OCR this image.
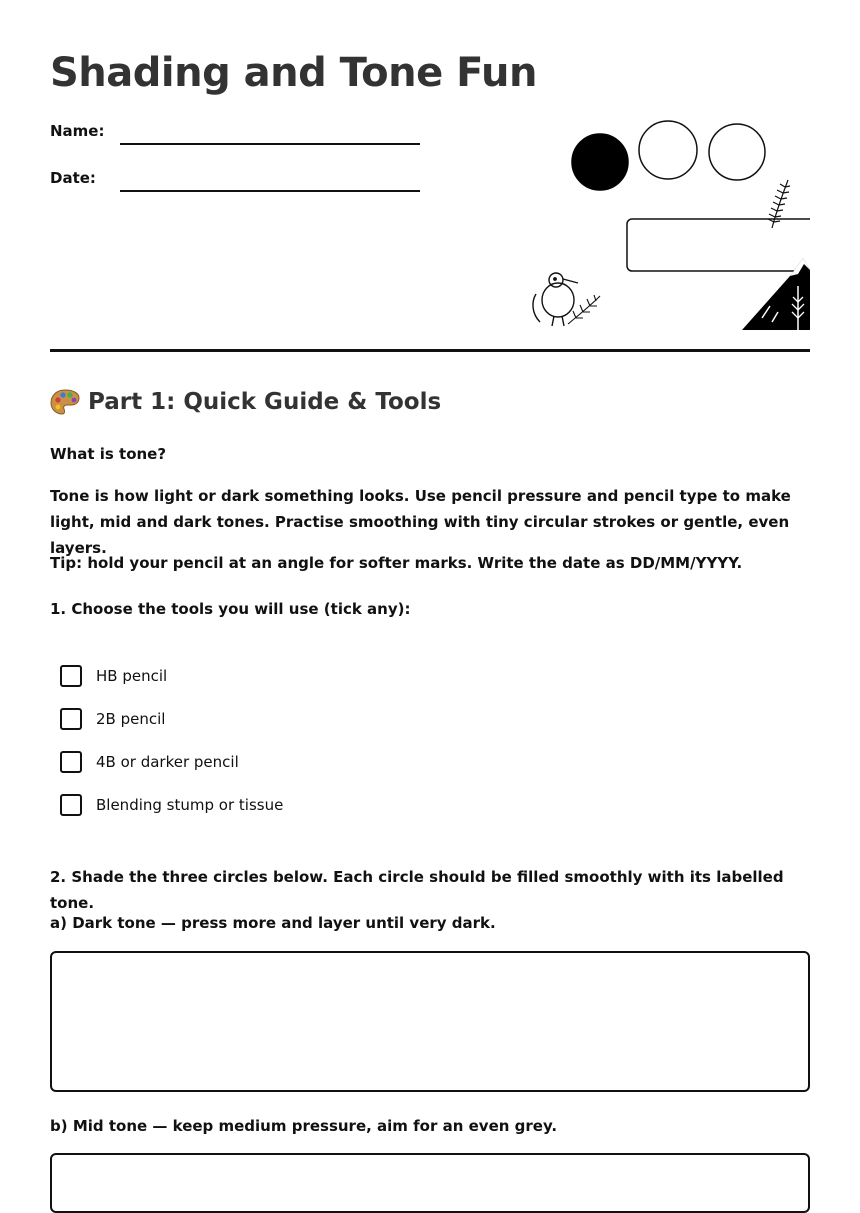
Shading and Tone Fun
Name:
Date:
Part 1: Quick Guide & Tools

What is tone?

Tone is how light or dark something looks. Use pencil pressure and pencil type to make light, mid and dark tones. Practise smoothing with tiny circular strokes or gentle, even layers.

Tip: hold your pencil at an angle for softer marks. Write the date as DD/MM/YYYY.

1. Choose the tools you will use (tick any):

HB pencil
2B pencil
4B or darker pencil
Blending stump or tissue

2. Shade the three circles below. Each circle should be filled smoothly with its labelled tone.

a) Dark tone — press more and layer until very dark.

b) Mid tone — keep medium pressure, aim for an even grey.
